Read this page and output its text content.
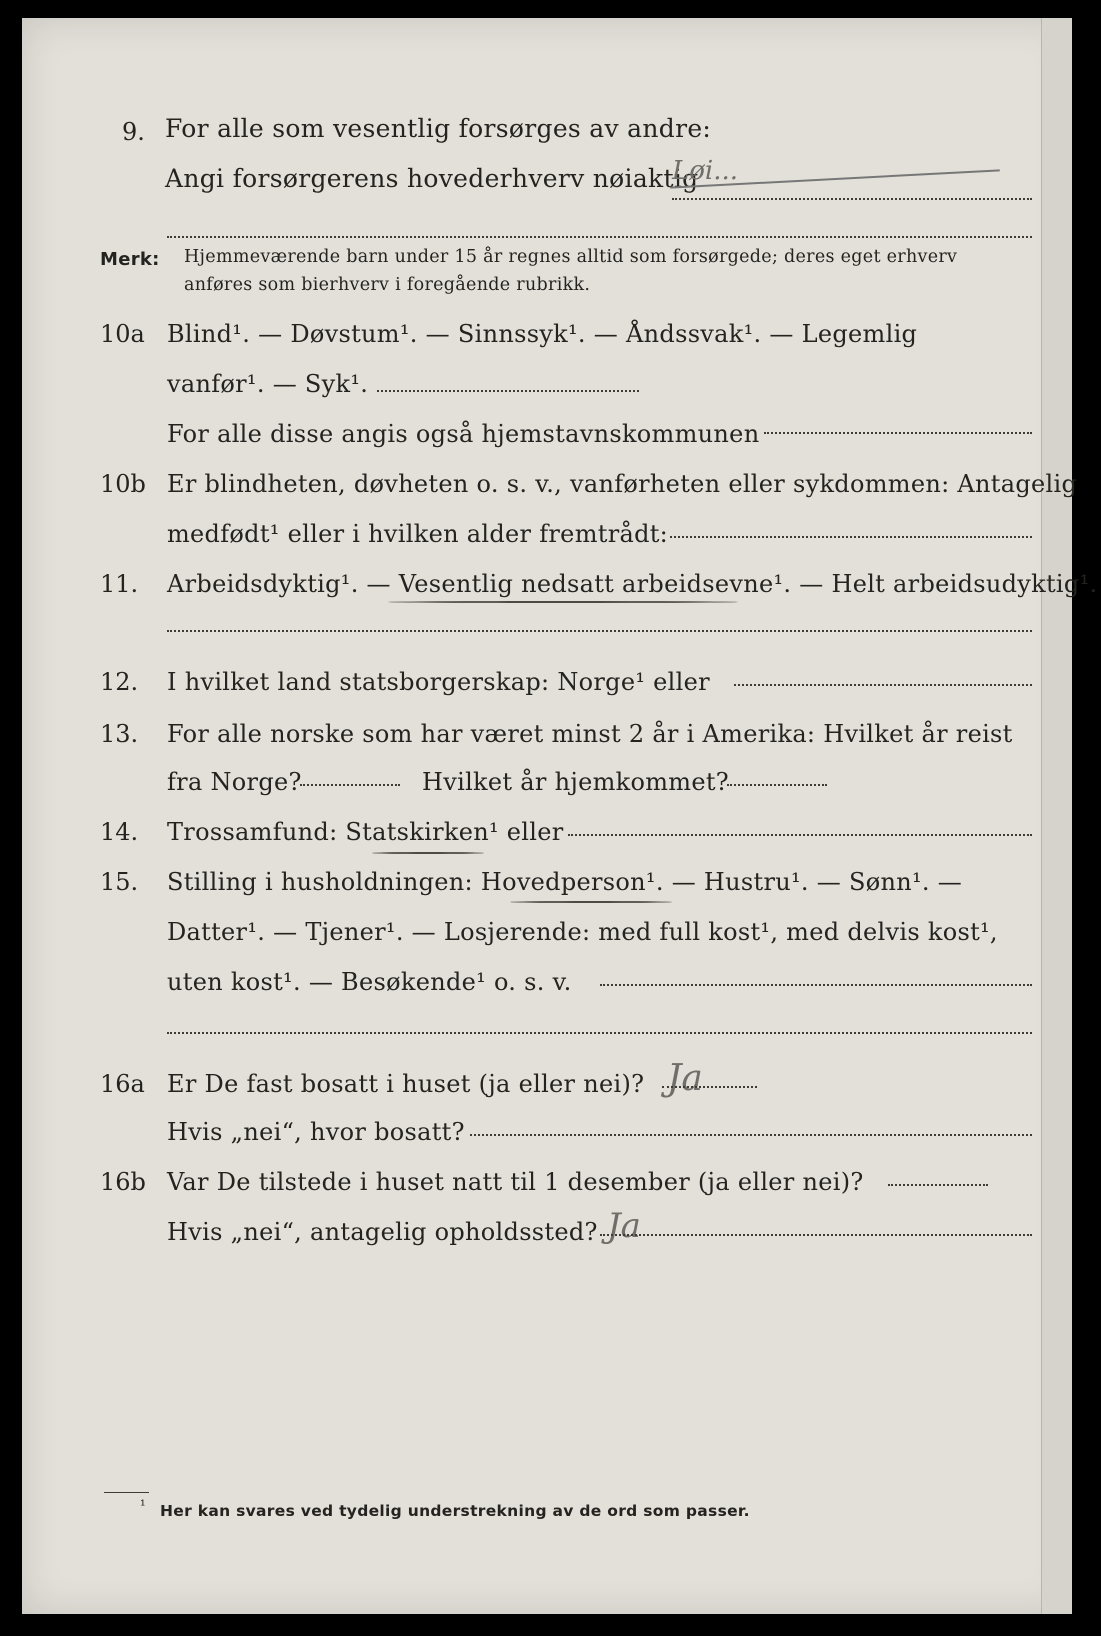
9. For alle som vesentlig forsørges av andre:
Angi forsørgerens hovederhverv nøiaktig
Løi...
Merk: Hjemmeværende barn under 15 år regnes alltid som forsørgede; deres eget erhverv
anføres som bierhverv i foregående rubrikk.
10a Blind¹. — Døvstum¹. — Sinnssyk¹. — Åndssvak¹. — Legemlig
vanfør¹. — Syk¹.
For alle disse angis også hjemstavnskommunen
10b Er blindheten, døvheten o. s. v., vanførheten eller sykdommen: Antagelig
medfødt¹ eller i hvilken alder fremtrådt:
11. Arbeidsdyktig¹. — Vesentlig nedsatt arbeidsevne¹. — Helt arbeidsudyktig¹.
12. I hvilket land statsborgerskap: Norge¹ eller
13. For alle norske som har været minst 2 år i Amerika: Hvilket år reist
fra Norge?	Hvilket år hjemkommet?
14. Trossamfund: Statskirken¹ eller
15. Stilling i husholdningen: Hovedperson¹. — Hustru¹. — Sønn¹. —
Datter¹. — Tjener¹. — Losjerende: med full kost¹, med delvis kost¹,
uten kost¹. — Besøkende¹ o. s. v.
16a Er De fast bosatt i huset (ja eller nei)? Ja
Hvis „nei“, hvor bosatt?
16b Var De tilstede i huset natt til 1 desember (ja eller nei)?
Hvis „nei“, antagelig opholdssted? Ja
¹ Her kan svares ved tydelig understrekning av de ord som passer.
